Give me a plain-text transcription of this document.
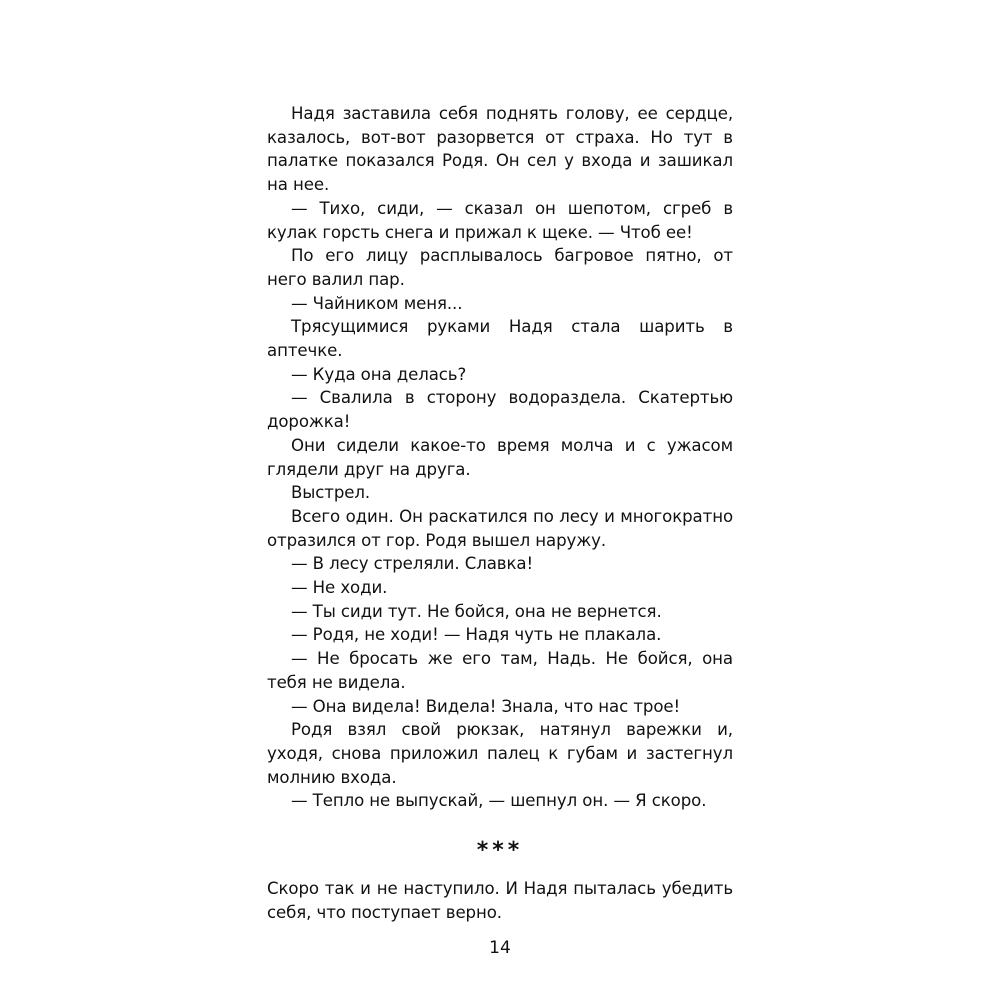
Надя заставила себя поднять голову, ее сердце, казалось, вот-вот разорвется от страха. Но тут в палатке показался Родя. Он сел у входа и зашикал на нее.

— Тихо, сиди, — сказал он шепотом, сгреб в кулак горсть снега и прижал к щеке. — Чтоб ее!

По его лицу расплывалось багровое пятно, от него валил пар.

— Чайником меня...

Трясущимися руками Надя стала шарить в аптечке.

— Куда она делась?

— Свалила в сторону водораздела. Скатертью дорожка!

Они сидели какое-то время молча и с ужасом глядели друг на друга.

Выстрел.

Всего один. Он раскатился по лесу и многократно отразился от гор. Родя вышел наружу.

— В лесу стреляли. Славка!

— Не ходи.

— Ты сиди тут. Не бойся, она не вернется.

— Родя, не ходи! — Надя чуть не плакала.

— Не бросать же его там, Надь. Не бойся, она тебя не видела.

— Она видела! Видела! Знала, что нас трое!

Родя взял свой рюкзак, натянул варежки и, уходя, снова приложил палец к губам и застегнул молнию входа.

— Тепло не выпускай, — шепнул он. — Я скоро.

***

Скоро так и не наступило. И Надя пыталась убедить себя, что поступает верно.

14
